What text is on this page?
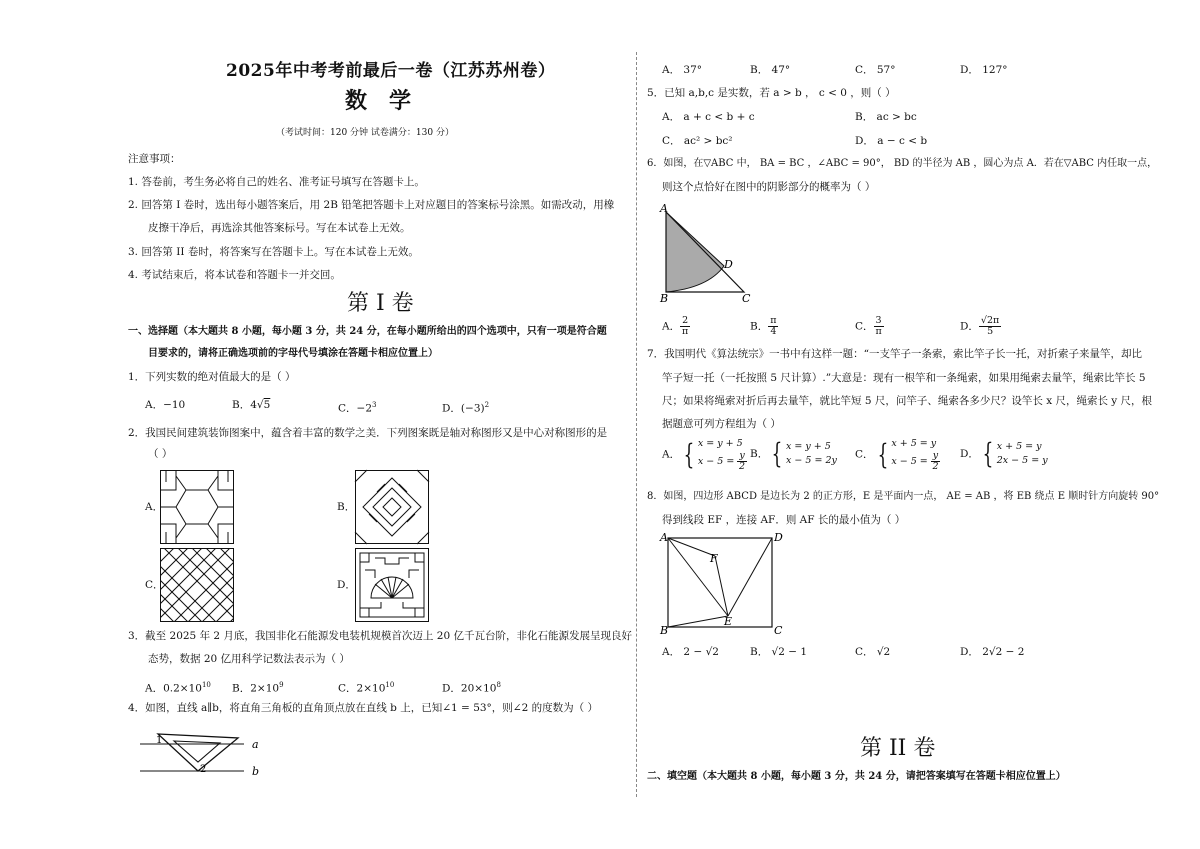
2025年中考考前最后一卷（江苏苏州卷）
数学
（考试时间：120 分钟 试卷满分：130 分）
注意事项：
1. 答卷前，考生务必将自己的姓名、准考证号填写在答题卡上。
2. 回答第 I 卷时，选出每小题答案后，用 2B 铅笔把答题卡上对应题目的答案标号涂黑。如需改动，用橡
皮擦干净后，再选涂其他答案标号。写在本试卷上无效。
3. 回答第 II 卷时，将答案写在答题卡上。写在本试卷上无效。
4. 考试结束后，将本试卷和答题卡一并交回。
第 I 卷
一、选择题（本大题共 8 小题，每小题 3 分，共 24 分，在每小题所给出的四个选项中，只有一项是符合题
目要求的，请将正确选项前的字母代号填涂在答题卡相应位置上）
1．下列实数的绝对值最大的是（ ）
A．−10	B．4√5	C．$-2^3$	D．$(-3)^2$
2．我国民间建筑装饰图案中，蕴含着丰富的数学之美．下列图案既是轴对称图形又是中心对称图形的是
（ ）
A．	B．
C．	D．
3．截至 2025 年 2 月底，我国非化石能源发电装机规模首次迈上 20 亿千瓦台阶，非化石能源发展呈现良好
态势，数据 20 亿用科学记数法表示为（ ）
A．$0.2\times 10^{10}$ B．$2\times 10^9$	C．$2\times 10^{10}$	D．$20\times 10^8$
4．如图，直线 a∥b，将直角三角板的直角顶点放在直线 b 上，已知∠1 = 53°，则∠2 的度数为（ ）
a
b
1
2
A． 37°	B． 47°	C． 57°	D． 127°
5．已知 a,b,c 是实数，若 a > b ， c < 0 ，则（ ）
A． a + c < b + c	B． ac > bc
C． ac² > bc²	D． a − c < b
6．如图，在▽ABC 中， BA = BC ，∠ABC = 90°， BD 的半径为 AB ，圆心为点 A．若在▽ABC 内任取一点，
则这个点恰好在图中的阴影部分的概率为（ ）
A
B	C
D
A． $\frac{2}{\pi}$	B． $\frac{\pi}{4}$	C． $\frac{3}{\pi}$	D． $\frac{√2\pi}{5}$
7．我国明代《算法统宗》一书中有这样一题：“一支竿子一条索，索比竿子长一托，对折索子来量竿，却比
竿子短一托（一托按照 5 尺计算）.”大意是：现有一根竿和一条绳索，如果用绳索去量竿，绳索比竿长 5
尺；如果将绳索对折后再去量竿，就比竿短 5 尺，问竿子、绳索各多少尺？设竿长 x 尺，绳索长 y 尺，根
据题意可列方程组为（ ）
A． { x = y + 5
$x - 5 = \frac{y}{2}$ B． { x = y + 5
x − 5 = 2y C． { x + 5 = y
$x - 5 = \frac{y}{2}$ D． { x + 5 = y
2x − 5 = y
8．如图，四边形 ABCD 是边长为 2 的正方形，E 是平面内一点， AE = AB ，将 EB 绕点 E 顺时针方向旋转 90°
得到线段 EF ，连接 AF．则 AF 长的最小值为（ ）
A
B	C
D
E
F
A． 2 − √2	B． √2 − 1	C． √2	D． 2√2 − 2
第 II 卷
二、填空题（本大题共 8 小题，每小题 3 分，共 24 分，请把答案填写在答题卡相应位置上）
